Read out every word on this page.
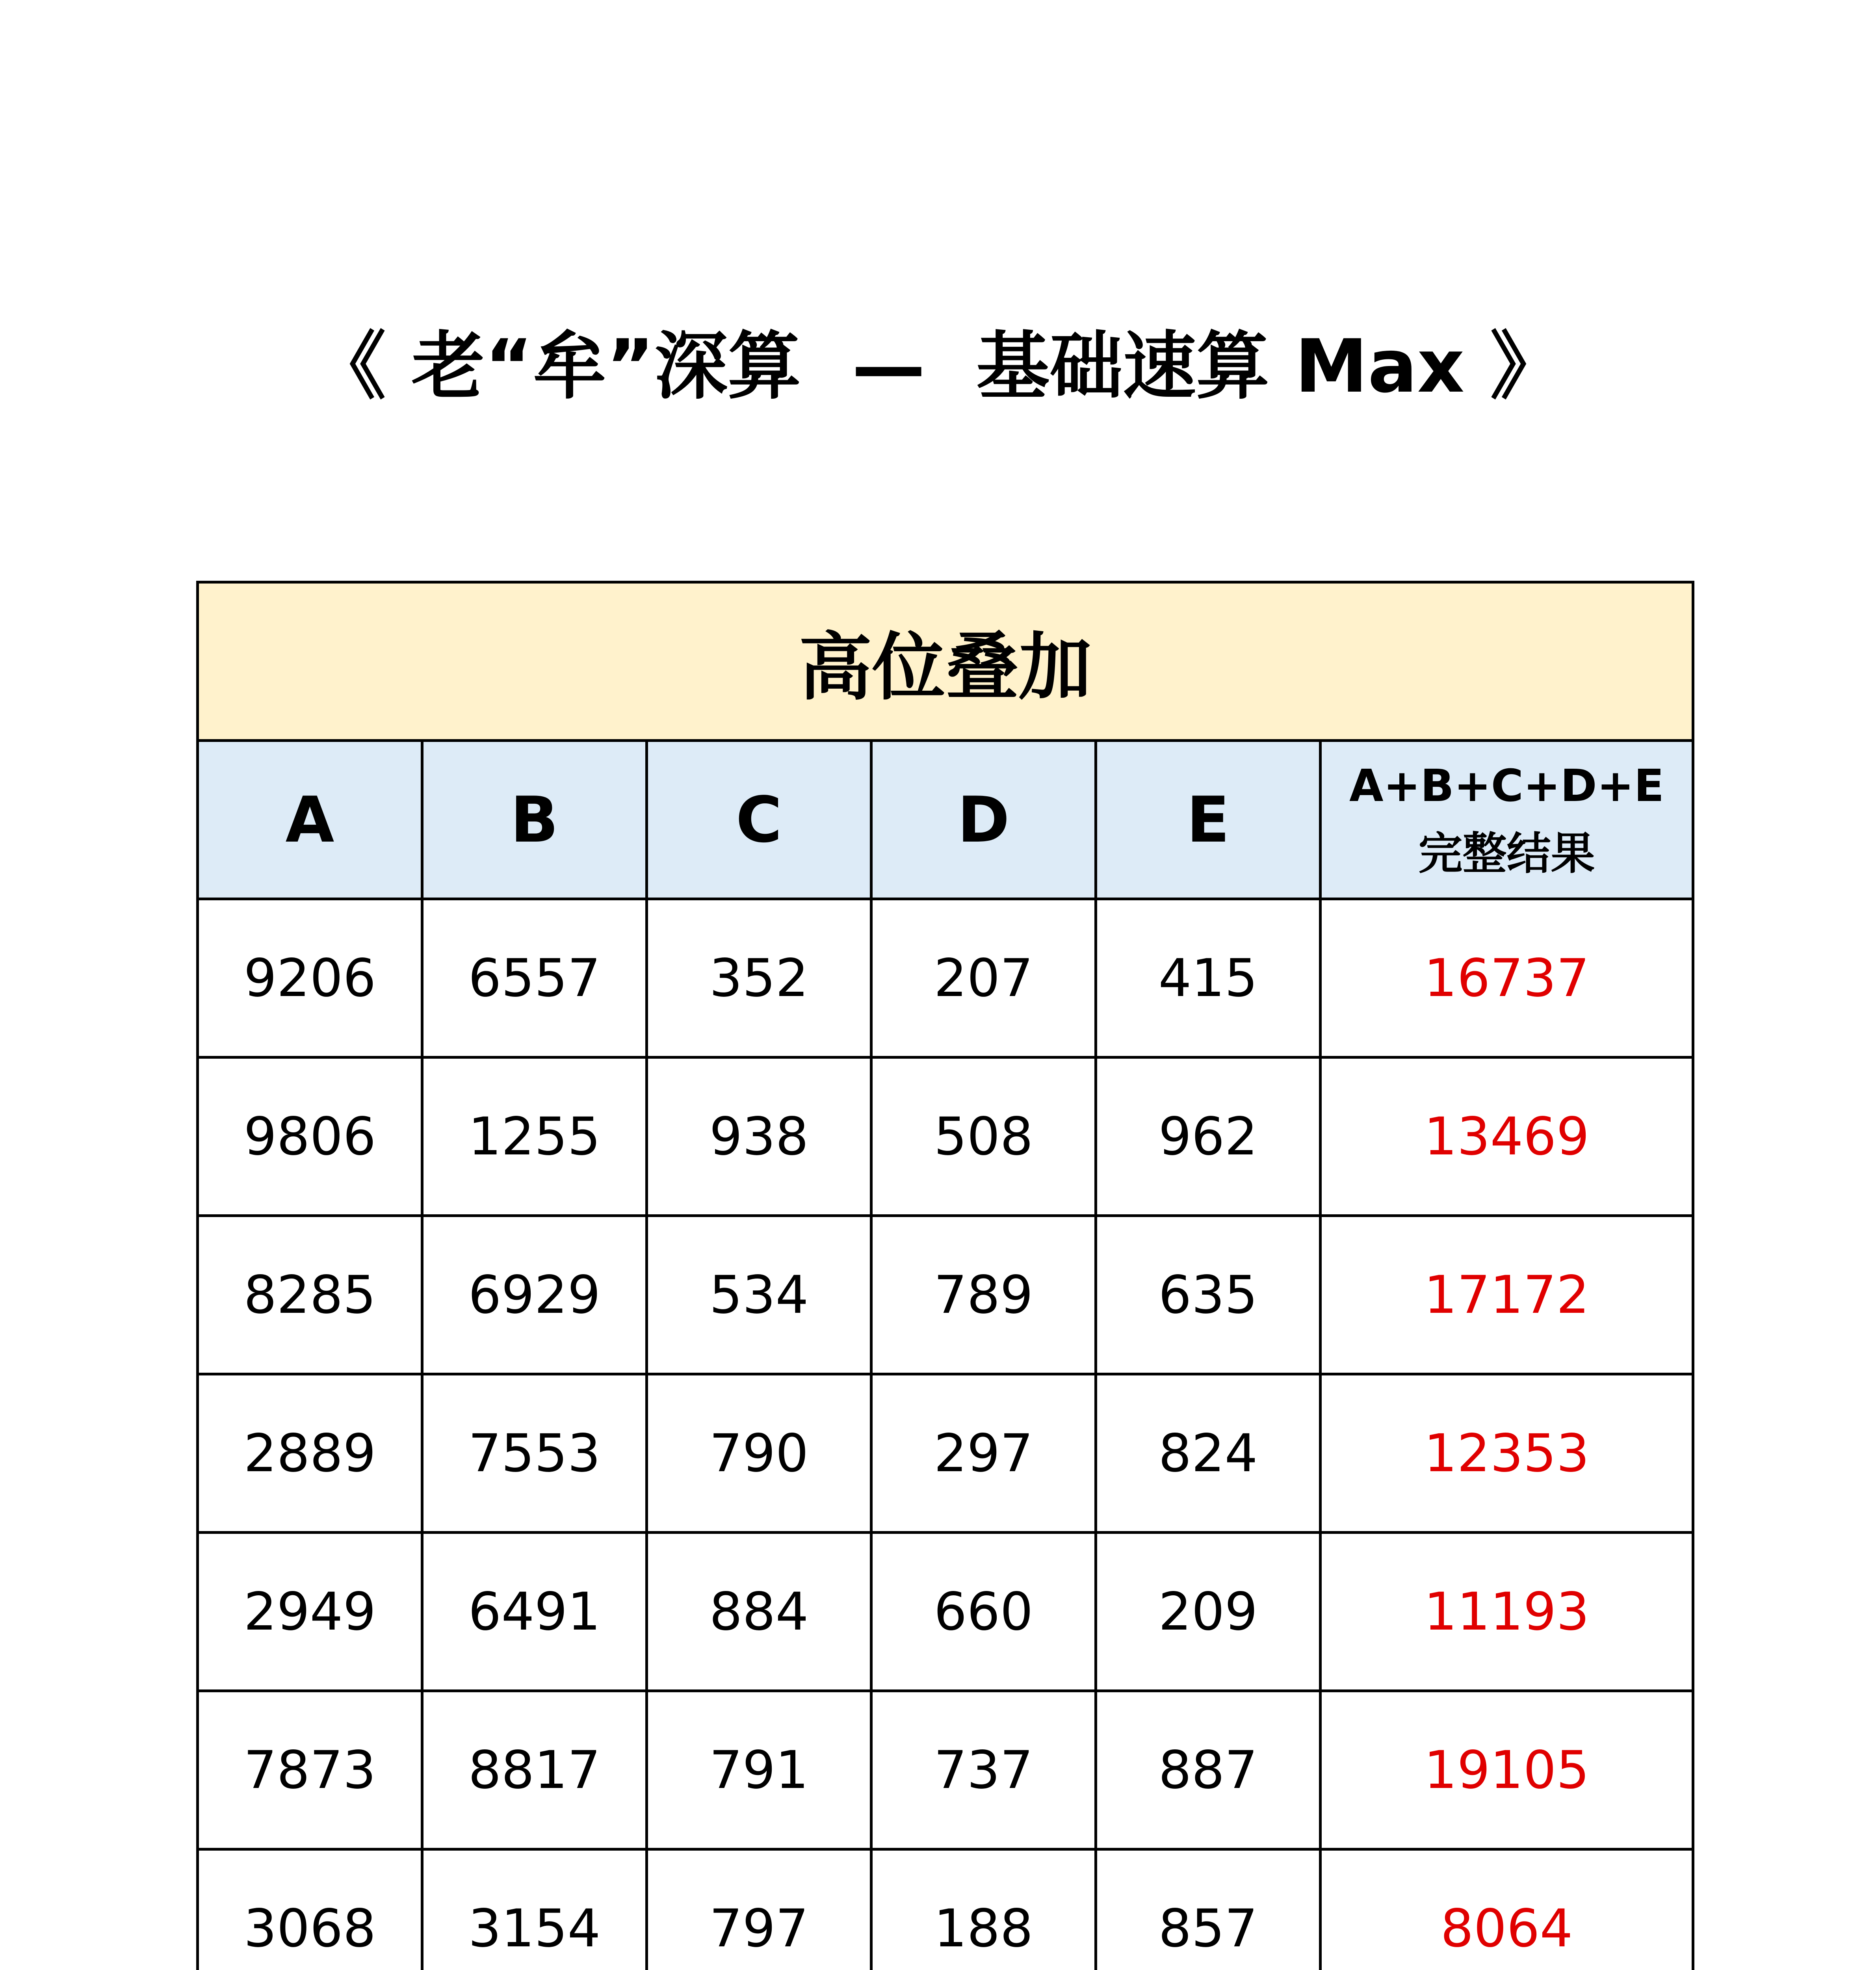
《 老“牟”深算  —  基础速算 Max 》
高位叠加					
A	B	C	D	E	A+B+C+D+E
完整结果

9206	6557	352	207	415	16737
9806	1255	938	508	962	13469
8285	6929	534	789	635	17172
2889	7553	790	297	824	12353
2949	6491	884	660	209	11193
7873	8817	791	737	887	19105
3068	3154	797	188	857	8064
